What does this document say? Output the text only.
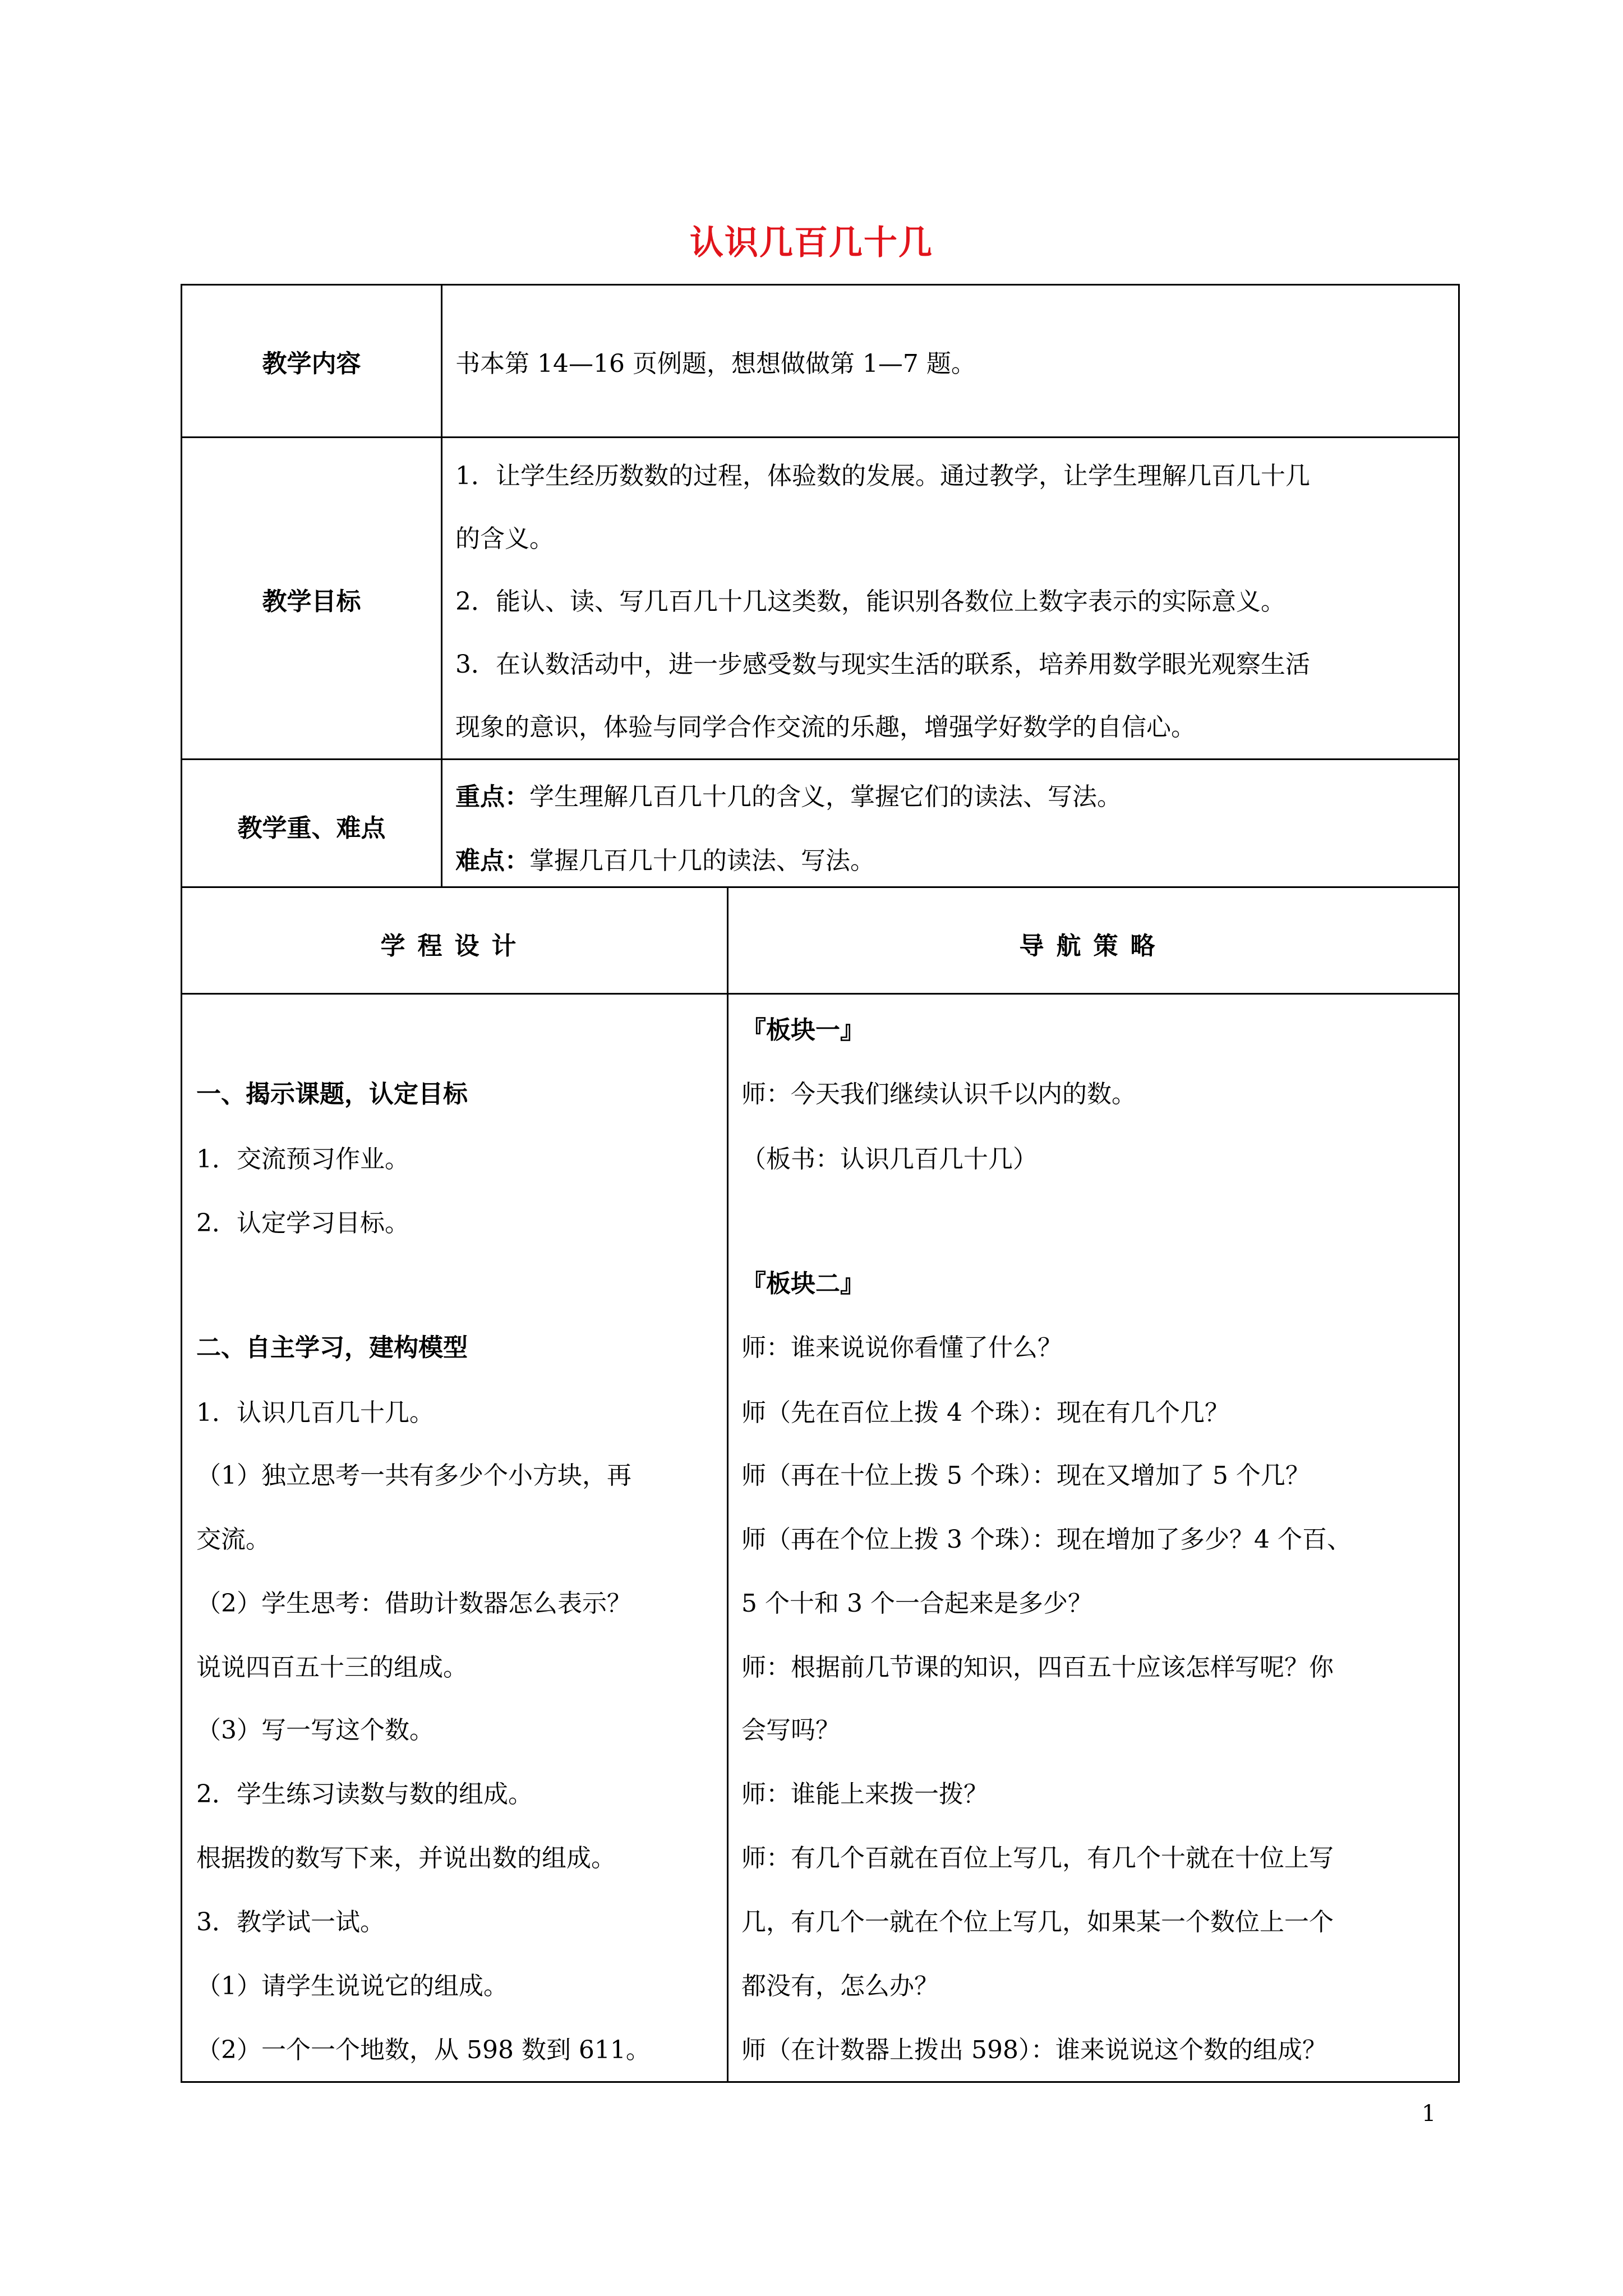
认识几百几十几
教学内容	书本第 14—16 页例题，想想做做第 1—7 题。
教学目标
1．让学生经历数数的过程，体验数的发展。通过教学，让学生理解几百几十几
的含义。
2．能认、读、写几百几十几这类数，能识别各数位上数字表示的实际意义。
3．在认数活动中，进一步感受数与现实生活的联系，培养用数学眼光观察生活
现象的意识，体验与同学合作交流的乐趣，增强学好数学的自信心。
教学重、难点
重点：学生理解几百几十几的含义，掌握它们的读法、写法。
难点：掌握几百几十几的读法、写法。
学程设计	导航策略
一、揭示课题，认定目标
1．交流预习作业。
2．认定学习目标。
二、自主学习，建构模型
1．认识几百几十几。
（1）独立思考一共有多少个小方块，再
交流。
（2）学生思考：借助计数器怎么表示？
说说四百五十三的组成。
（3）写一写这个数。
2．学生练习读数与数的组成。
根据拨的数写下来，并说出数的组成。
3．教学试一试。
（1）请学生说说它的组成。
（2）一个一个地数，从 598 数到 611。
『板块一』
师：今天我们继续认识千以内的数。
（板书：认识几百几十几）
『板块二』
师：谁来说说你看懂了什么？
师（先在百位上拨 4 个珠）：现在有几个几？
师（再在十位上拨 5 个珠）：现在又增加了 5 个几？
师（再在个位上拨 3 个珠）：现在增加了多少？4 个百、
5 个十和 3 个一合起来是多少？
师：根据前几节课的知识，四百五十应该怎样写呢？你
会写吗？
师：谁能上来拨一拨？
师：有几个百就在百位上写几，有几个十就在十位上写
几，有几个一就在个位上写几，如果某一个数位上一个
都没有，怎么办？
师（在计数器上拨出 598）：谁来说说这个数的组成？
1
